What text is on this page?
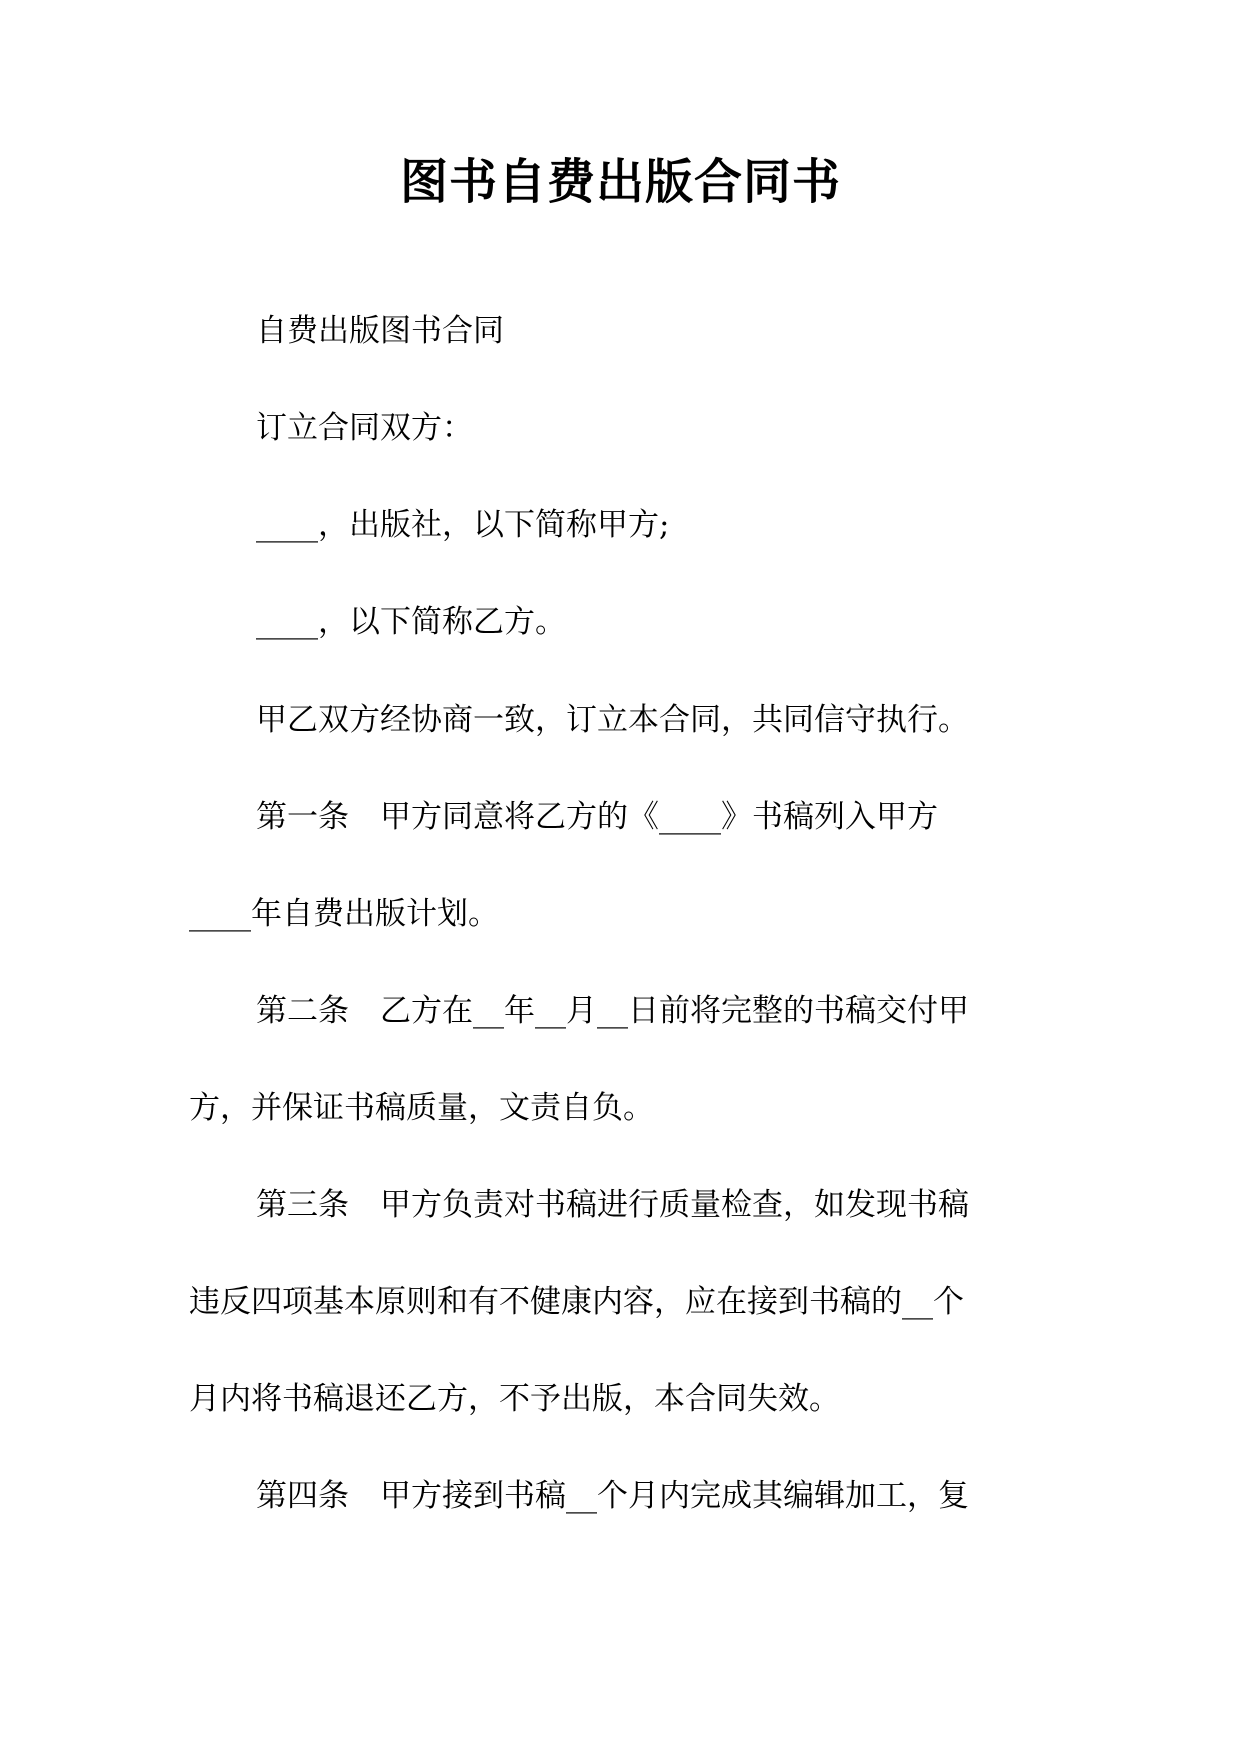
图书自费出版合同书

自费出版图书合同

订立合同双方：

____，出版社，以下简称甲方;

____，以下简称乙方。

甲乙双方经协商一致，订立本合同，共同信守执行。

第一条　甲方同意将乙方的《____》书稿列入甲方

____年自费出版计划。

第二条　乙方在__年__月__日前将完整的书稿交付甲

方，并保证书稿质量，文责自负。

第三条　甲方负责对书稿进行质量检查，如发现书稿

违反四项基本原则和有不健康内容，应在接到书稿的__个

月内将书稿退还乙方，不予出版，本合同失效。

第四条　甲方接到书稿__个月内完成其编辑加工，复
